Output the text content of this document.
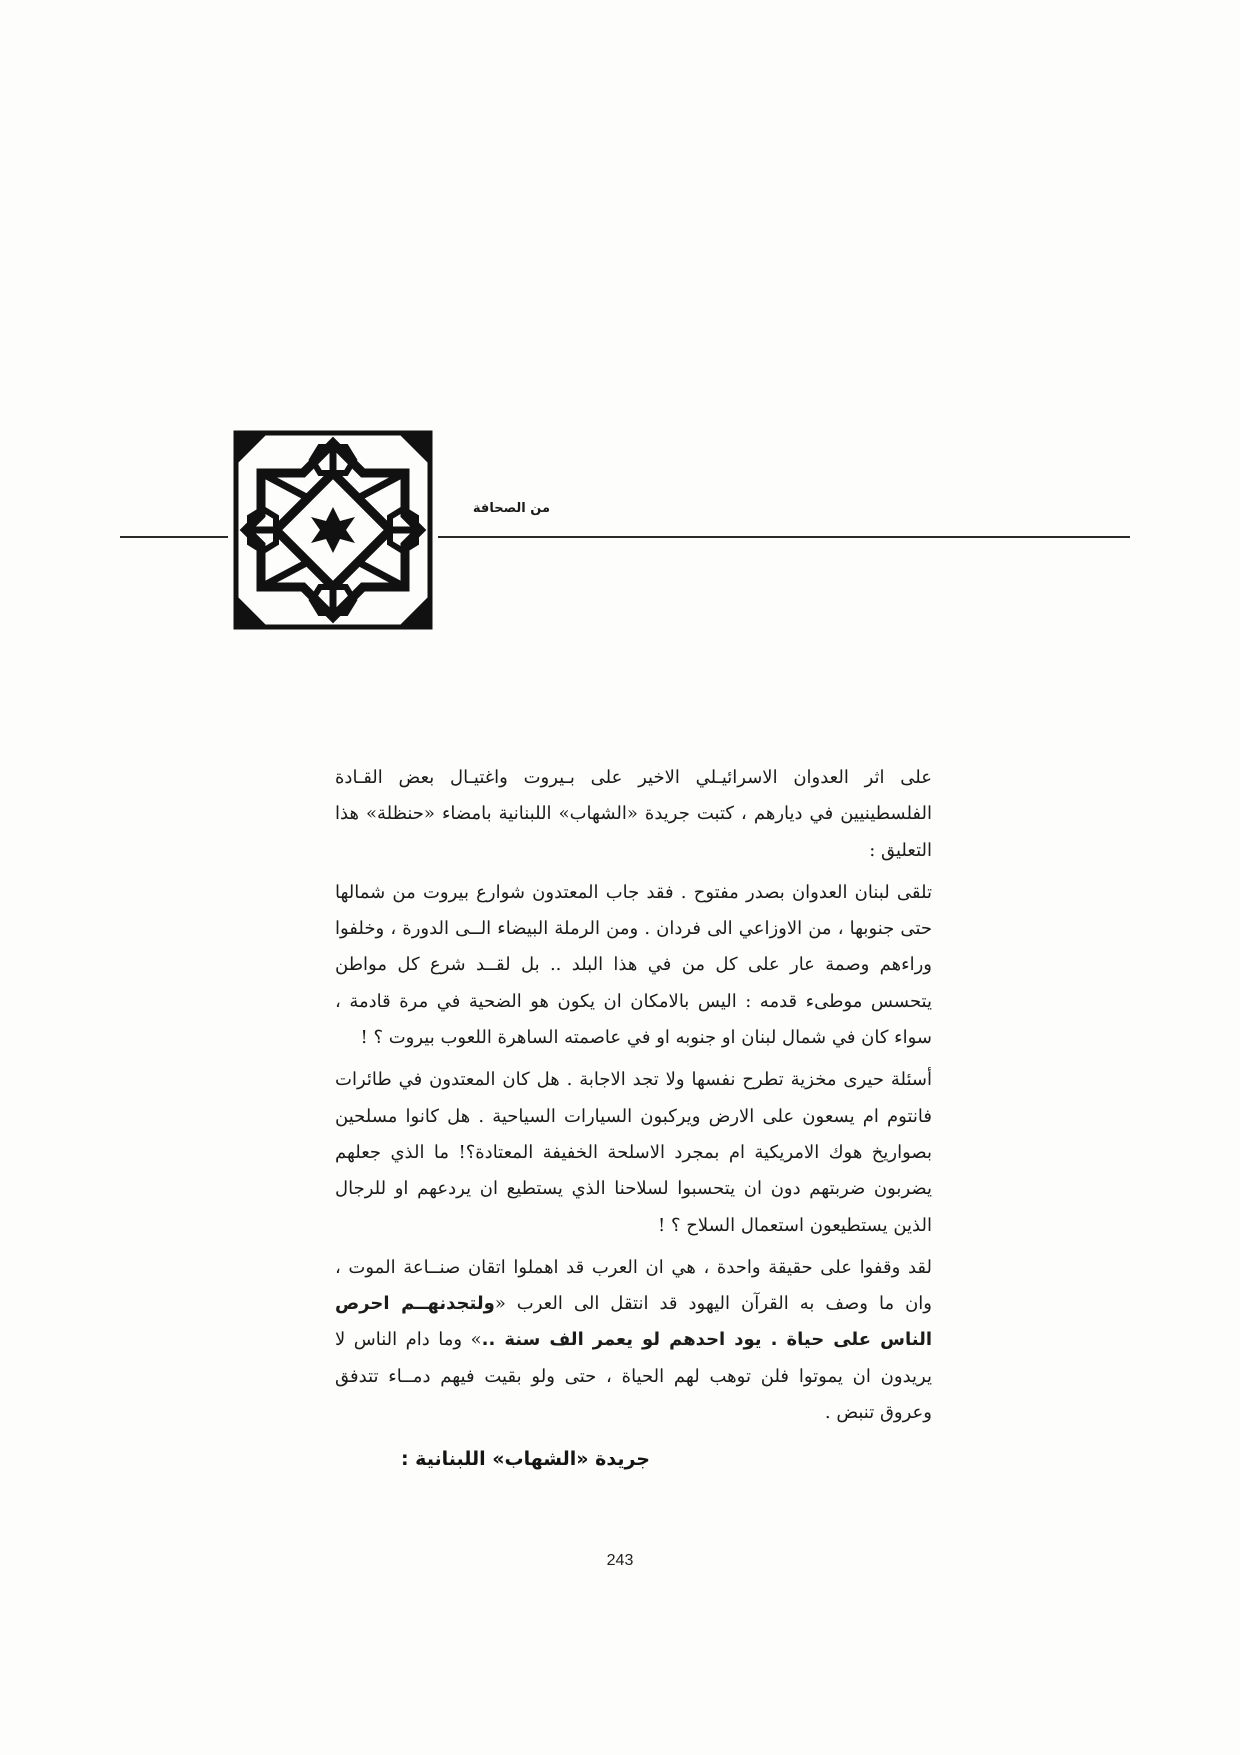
من الصحافة

على اثر العدوان الاسرائيـلي الاخير على بـيروت واغتيـال بعض القـادة الفلسطينيين في ديارهم ، كتبت جريدة «الشهاب» اللبنانية بامضاء «حنظلة» هذا التعليق :

تلقى لبنان العدوان بصدر مفتوح . فقد جاب المعتدون شوارع بيروت من شمالها حتى جنوبها ، من الاوزاعي الى فردان . ومن الرملة البيضاء الــى الدورة ، وخلفوا وراءهم وصمة عار على كل من في هذا البلد .. بل لقــد شرع كل مواطن يتحسس موطىء قدمه : اليس بالامكان ان يكون هو الضحية في مرة قادمة ، سواء كان في شمال لبنان او جنوبه او في عاصمته الساهرة اللعوب بيروت ؟ !

أسئلة حيرى مخزية تطرح نفسها ولا تجد الاجابة . هل كان المعتدون في طائرات فانتوم ام يسعون على الارض ويركبون السيارات السياحية . هل كانوا مسلحين بصواريخ هوك الامريكية ام بمجرد الاسلحة الخفيفة المعتادة؟! ما الذي جعلهم يضربون ضربتهم دون ان يتحسبوا لسلاحنا الذي يستطيع ان يردعهم او للرجال الذين يستطيعون استعمال السلاح ؟ !

لقد وقفوا على حقيقة واحدة ، هي ان العرب قد اهملوا اتقان صنــاعة الموت ، وان ما وصف به القرآن اليهود قد انتقل الى العرب «ولتجدنهــم احرص الناس على حياة . يود احدهم لو يعمر الف سنة ..» وما دام الناس لا يريدون ان يموتوا فلن توهب لهم الحياة ، حتى ولو بقيت فيهم دمــاء تتدفق وعروق تنبض .

جريدة «الشهاب» اللبنانية :
243
